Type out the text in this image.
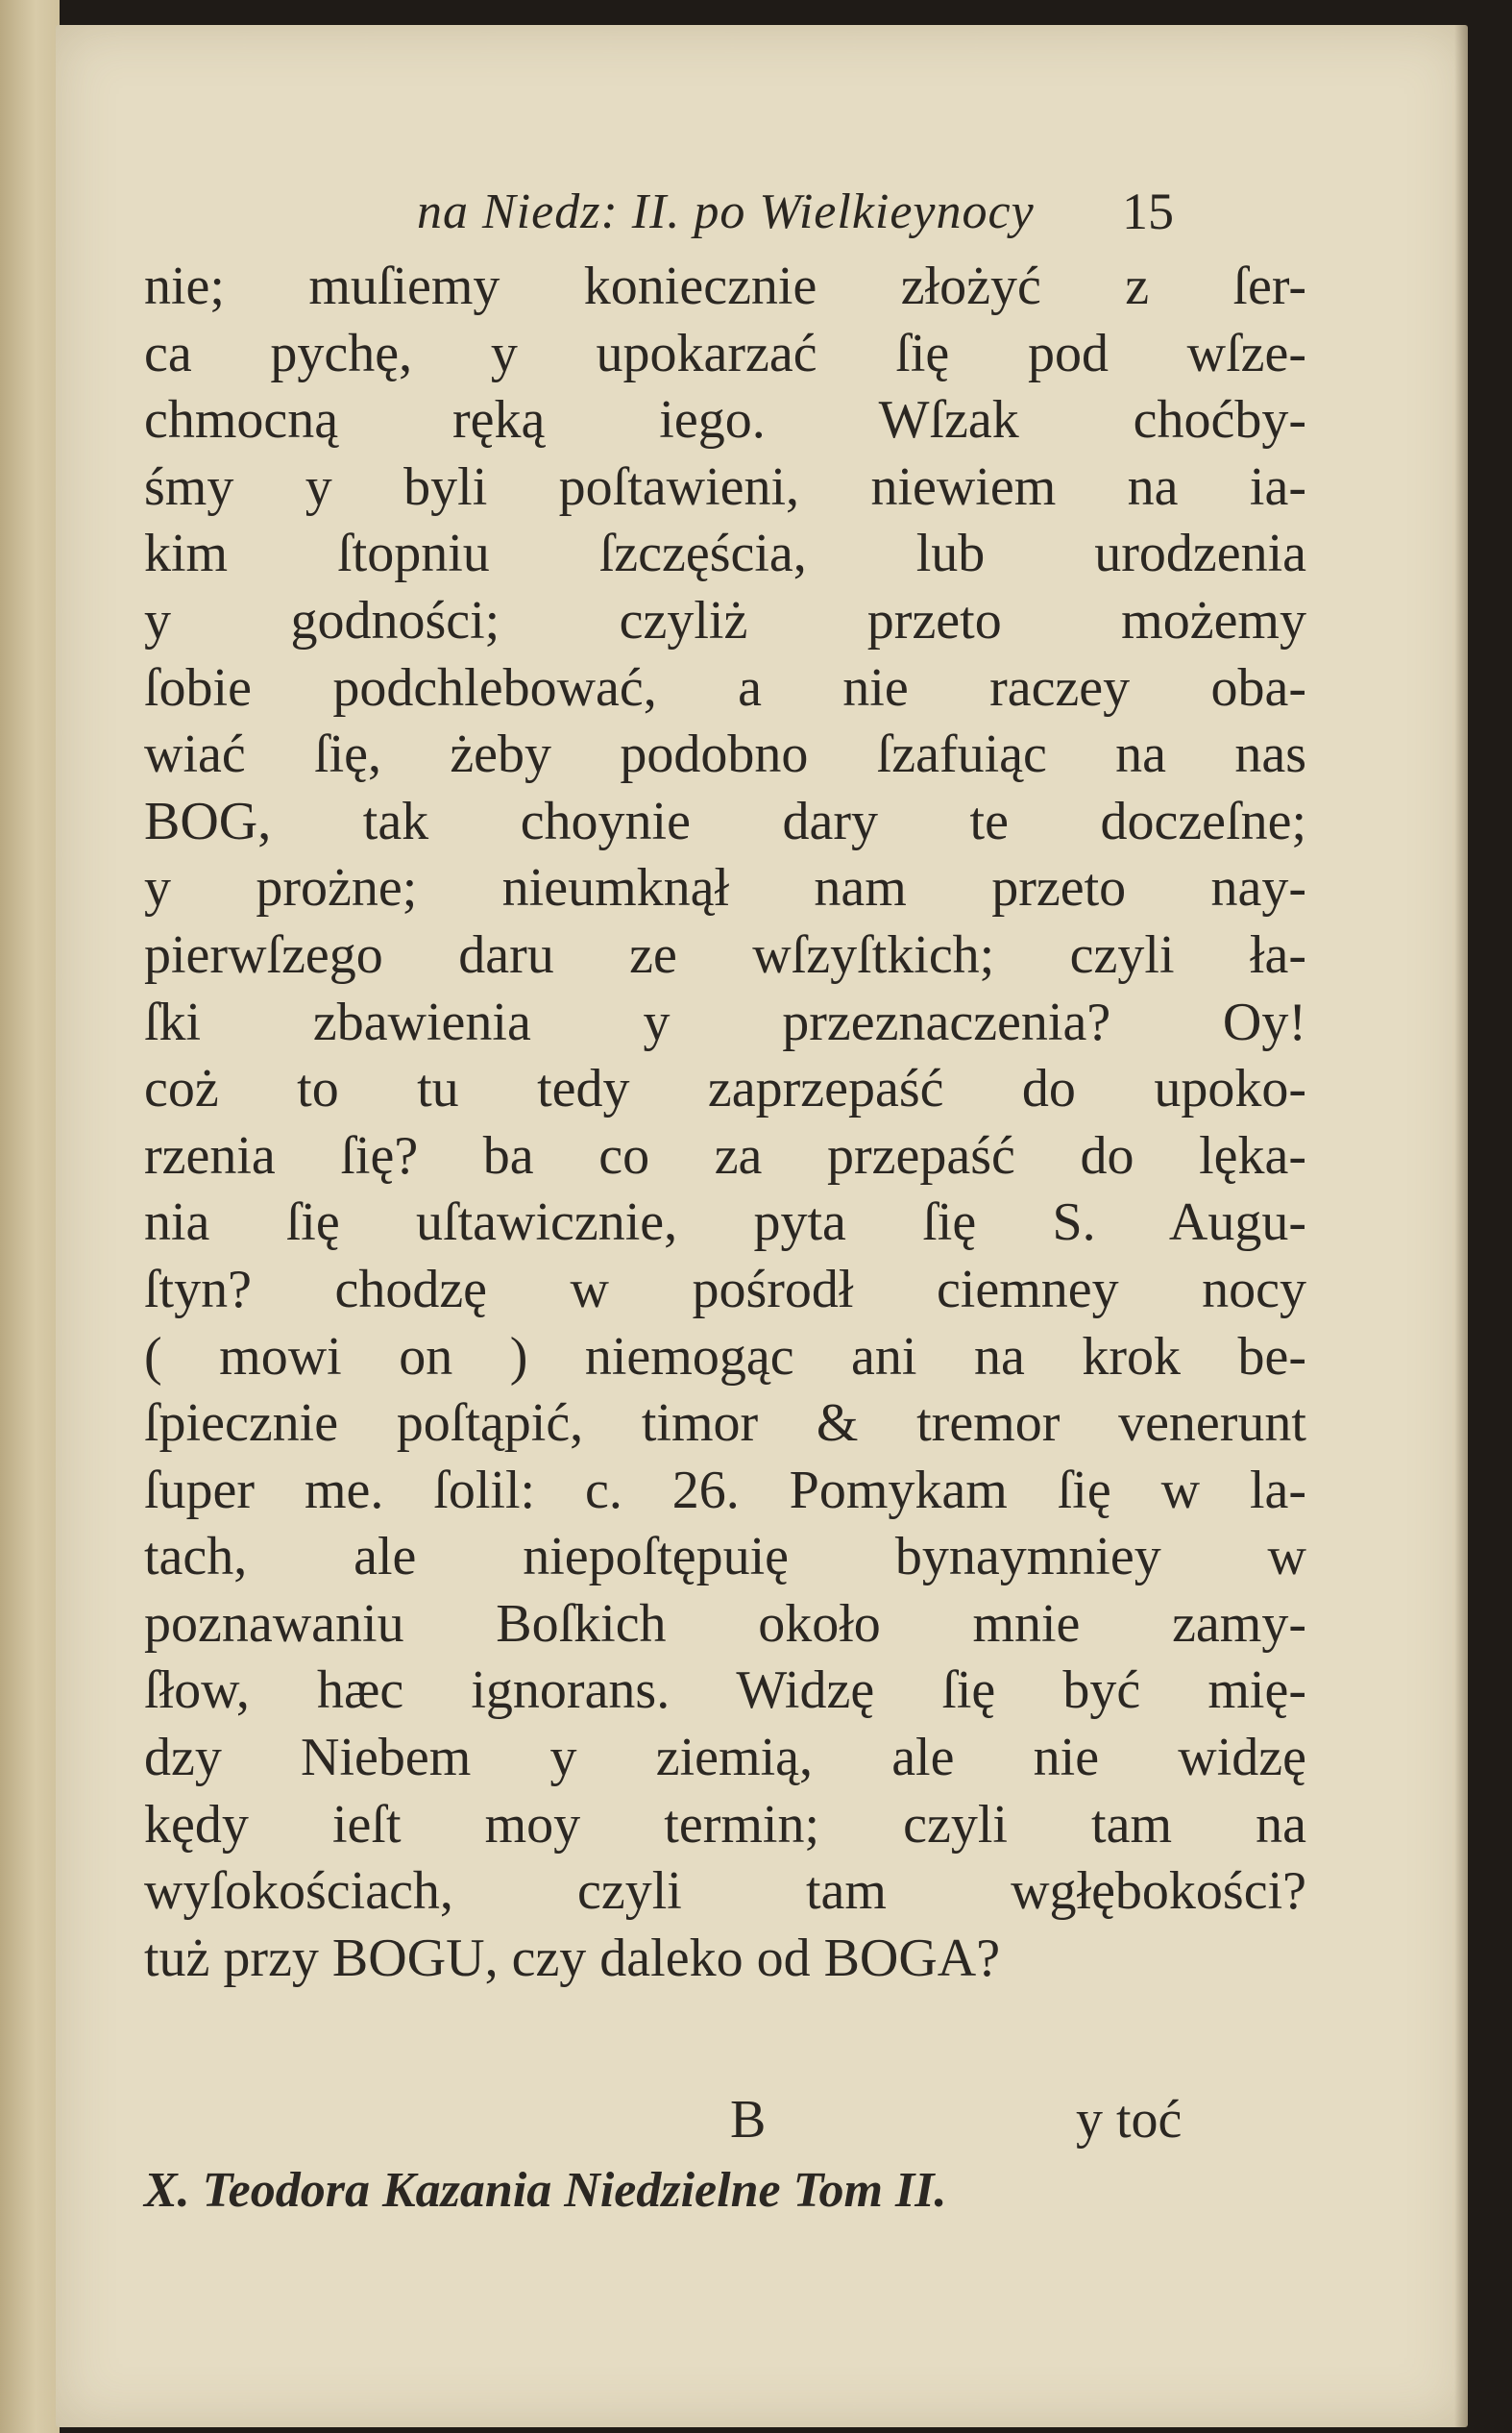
na Niedz: II. po Wielkieynocy 15
nie; muſiemy koniecznie złożyć z ſer-
ca pychę, y upokarzać ſię pod wſze-
chmocną ręką iego. Wſzak choćby-
śmy y byli poſtawieni, niewiem na ia-
kim ſtopniu ſzczęścia, lub urodzenia
y godności; czyliż przeto możemy
ſobie podchlebować, a nie raczey oba-
wiać ſię, żeby podobno ſzafuiąc na nas
BOG, tak choynie dary te doczeſne;
y prożne; nieumknął nam przeto nay-
pierwſzego daru ze wſzyſtkich; czyli ła-
ſki zbawienia y przeznaczenia? Oy!
coż to tu tedy zaprzepaść do upoko-
rzenia ſię? ba co za przepaść do lęka-
nia ſię uſtawicznie, pyta ſię S. Augu-
ſtyn? chodzę w pośrodł ciemney nocy
( mowi on ) niemogąc ani na krok be-
ſpiecznie poſtąpić, timor & tremor venerunt
ſuper me. ſolil: c. 26. Pomykam ſię w la-
tach, ale niepoſtępuię bynaymniey w
poznawaniu Boſkich około mnie zamy-
ſłow, hæc ignorans. Widzę ſię być mię-
dzy Niebem y ziemią, ale nie widzę
kędy ieſt moy termin; czyli tam na
wyſokościach, czyli tam wgłębokości?
tuż przy BOGU, czy daleko od BOGA?
B	y toć
X. Teodora Kazania Niedzielne Tom II.
